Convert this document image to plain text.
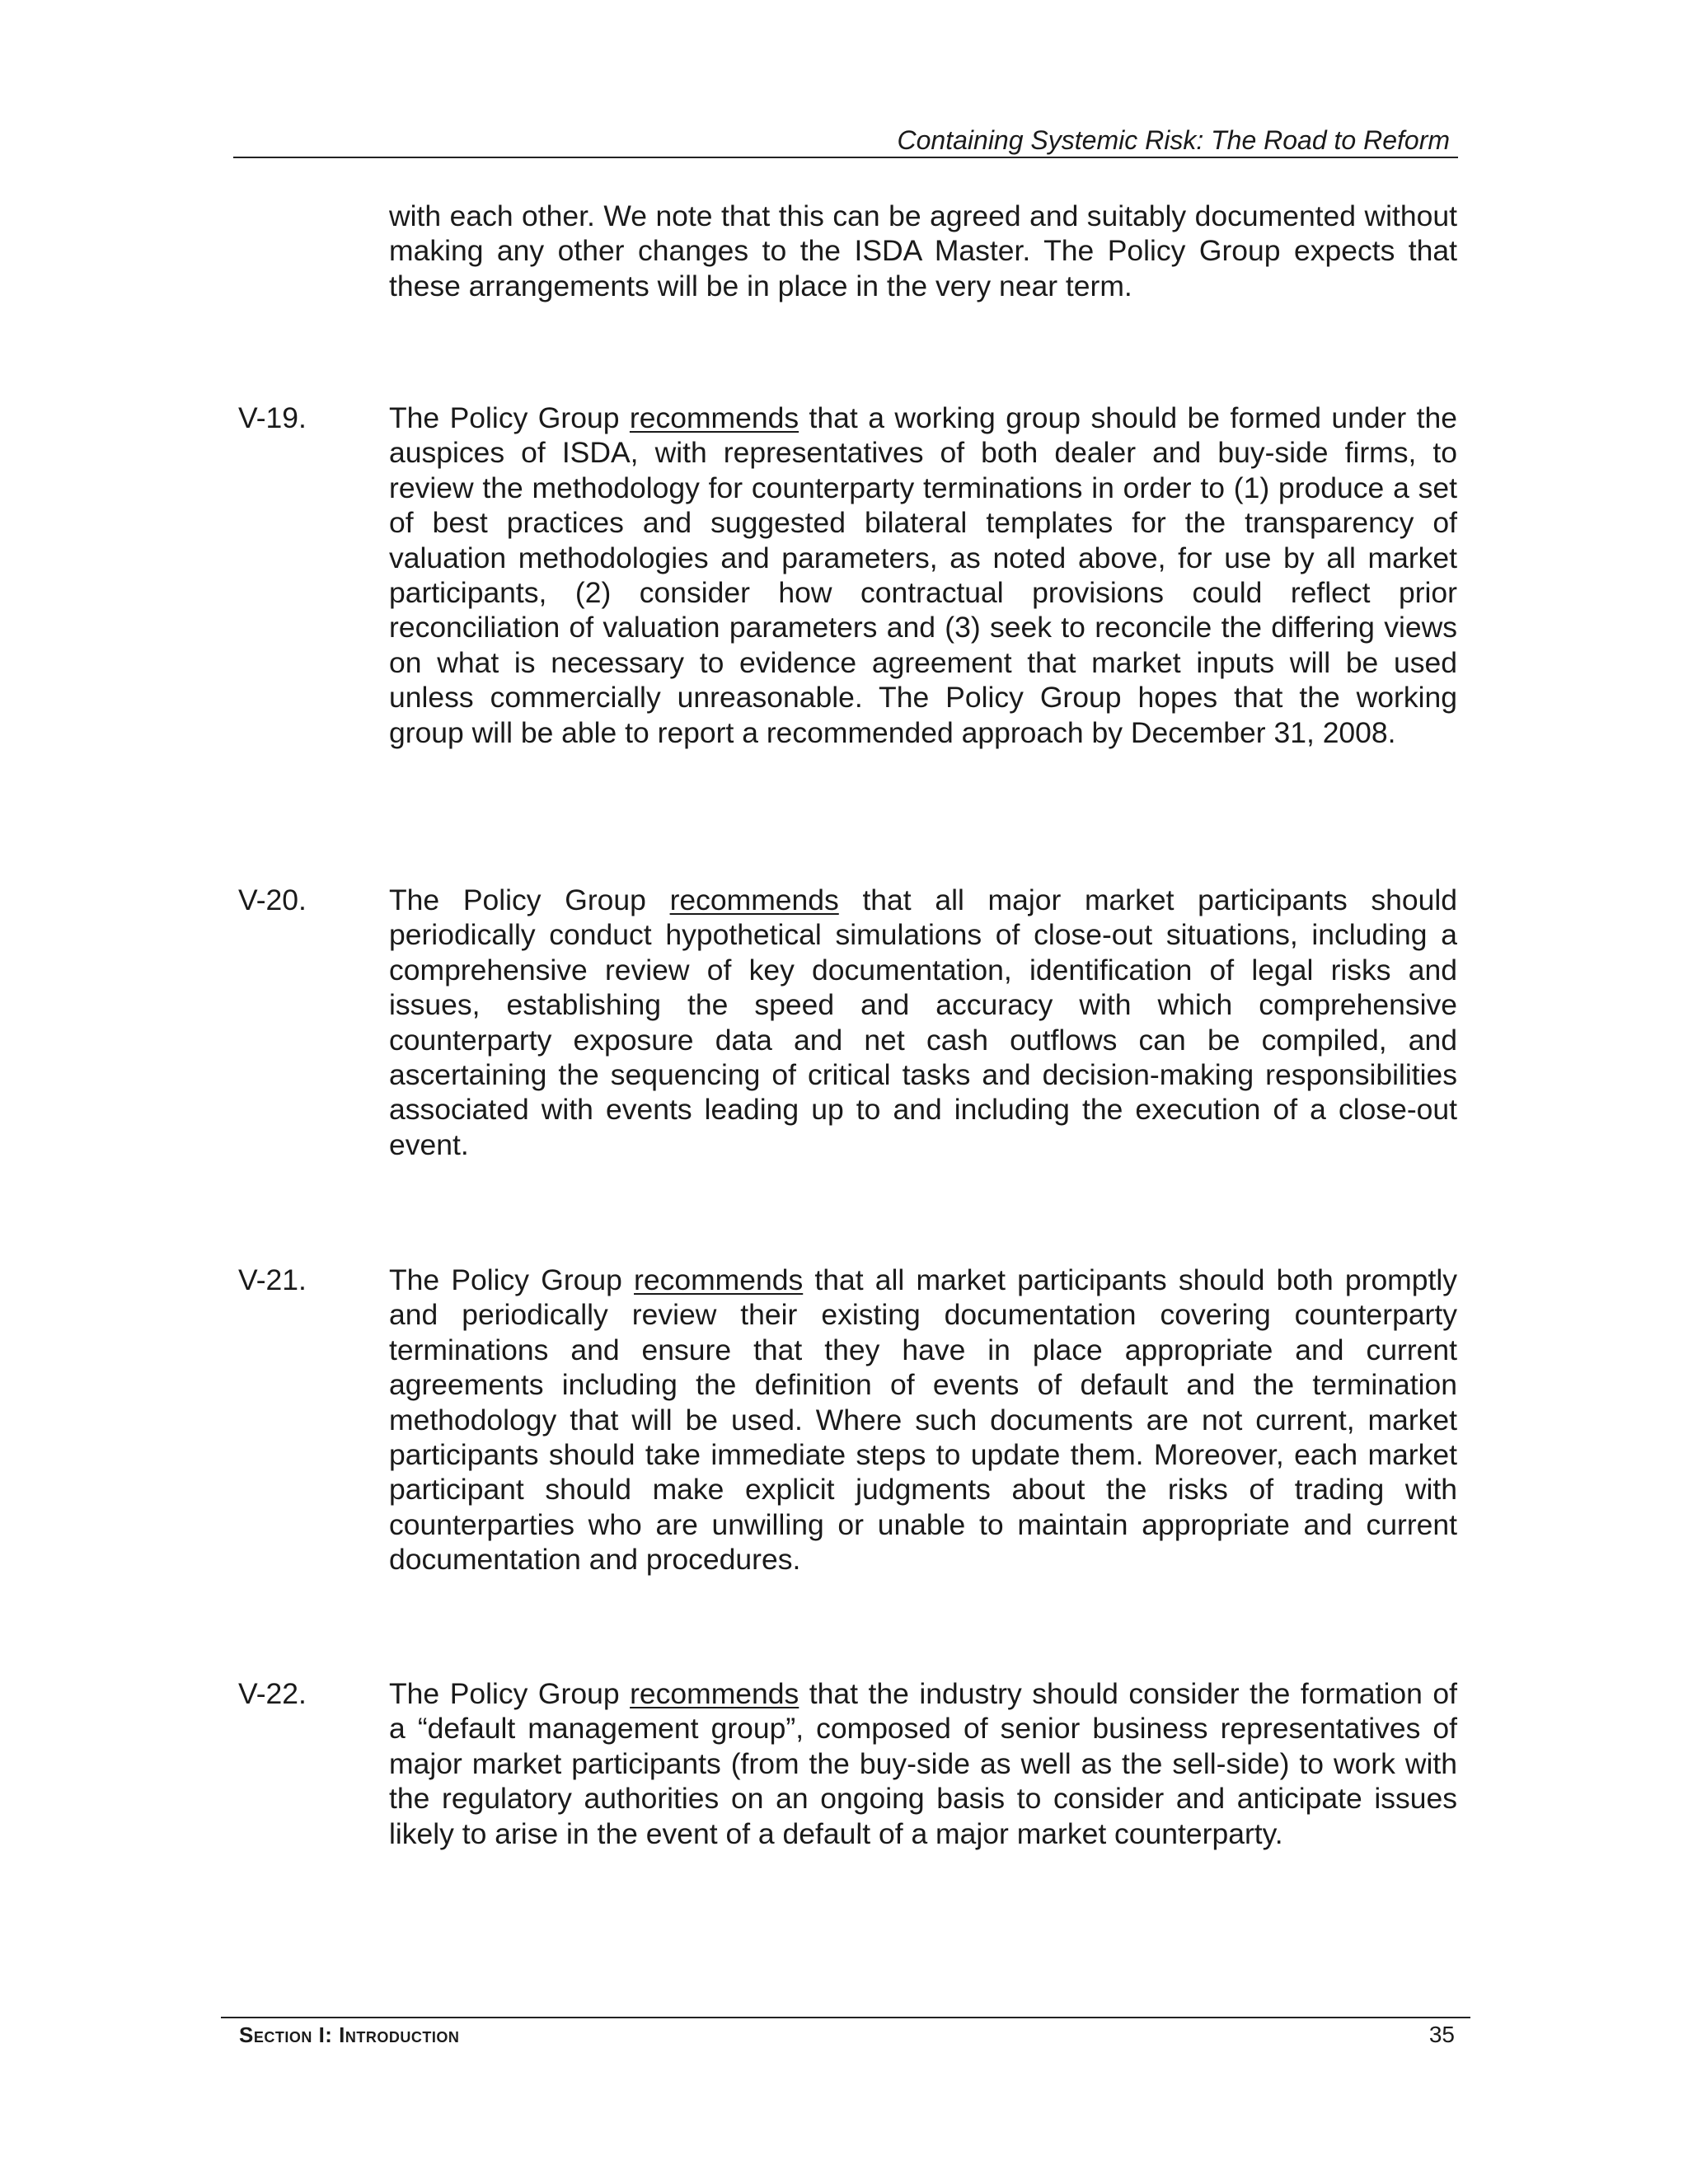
Containing Systemic Risk: The Road to Reform

with each other. We note that this can be agreed and suitably documented without making any other changes to the ISDA Master. The Policy Group expects that these arrangements will be in place in the very near term.

V-19.	The Policy Group recommends that a working group should be formed under the auspices of ISDA, with representatives of both dealer and buy-side firms, to review the methodology for counterparty terminations in order to (1) produce a set of best practices and suggested bilateral templates for the transparency of valuation methodologies and parameters, as noted above, for use by all market participants, (2) consider how contractual provisions could reflect prior reconciliation of valuation parameters and (3) seek to reconcile the differing views on what is necessary to evidence agreement that market inputs will be used unless commercially unreasonable. The Policy Group hopes that the working group will be able to report a recommended approach by December 31, 2008.

V-20.	The Policy Group recommends that all major market participants should periodically conduct hypothetical simulations of close-out situations, including a comprehensive review of key documentation, identification of legal risks and issues, establishing the speed and accuracy with which comprehensive counterparty exposure data and net cash outflows can be compiled, and ascertaining the sequencing of critical tasks and decision-making responsibilities associated with events leading up to and including the execution of a close-out event.

V-21.	The Policy Group recommends that all market participants should both promptly and periodically review their existing documentation covering counterparty terminations and ensure that they have in place appropriate and current agreements including the definition of events of default and the termination methodology that will be used. Where such documents are not current, market participants should take immediate steps to update them. Moreover, each market participant should make explicit judgments about the risks of trading with counterparties who are unwilling or unable to maintain appropriate and current documentation and procedures.

V-22.	The Policy Group recommends that the industry should consider the formation of a “default management group”, composed of senior business representatives of major market participants (from the buy-side as well as the sell-side) to work with the regulatory authorities on an ongoing basis to consider and anticipate issues likely to arise in the event of a default of a major market counterparty.

Section I: Introduction	35
